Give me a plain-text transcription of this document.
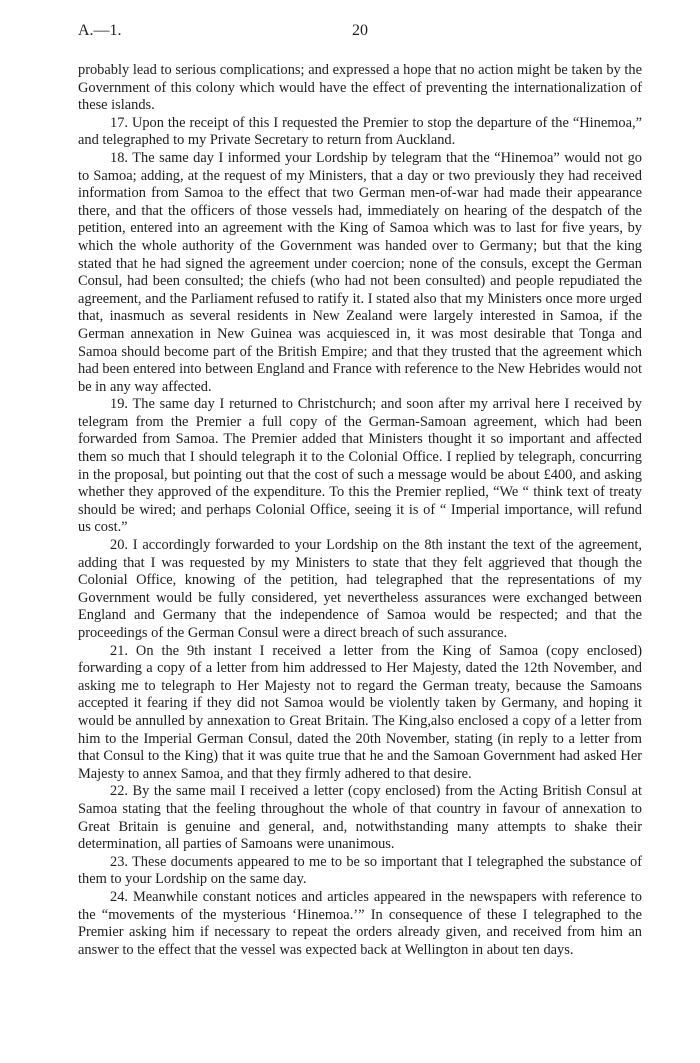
A.—1.	20

probably lead to serious complications; and expressed a hope that no action might be taken by the Government of this colony which would have the effect of preventing the internationalization of these islands.

17. Upon the receipt of this I requested the Premier to stop the departure of the “Hinemoa,” and telegraphed to my Private Secretary to return from Auckland.

18. The same day I informed your Lordship by telegram that the “Hinemoa” would not go to Samoa; adding, at the request of my Ministers, that a day or two previously they had received information from Samoa to the effect that two German men-of-war had made their appearance there, and that the officers of those vessels had, immediately on hearing of the despatch of the petition, entered into an agreement with the King of Samoa which was to last for five years, by which the whole authority of the Government was handed over to Germany; but that the king stated that he had signed the agreement under coercion; none of the consuls, except the German Consul, had been consulted; the chiefs (who had not been consulted) and people repudiated the agreement, and the Parliament refused to ratify it. I stated also that my Ministers once more urged that, inasmuch as several residents in New Zealand were largely interested in Samoa, if the German annexation in New Guinea was acquiesced in, it was most desirable that Tonga and Samoa should become part of the British Empire; and that they trusted that the agreement which had been entered into between England and France with reference to the New Hebrides would not be in any way affected.

19. The same day I returned to Christchurch; and soon after my arrival here I received by telegram from the Premier a full copy of the German-Samoan agreement, which had been forwarded from Samoa. The Premier added that Ministers thought it so important and affected them so much that I should telegraph it to the Colonial Office. I replied by telegraph, concurring in the proposal, but pointing out that the cost of such a message would be about £400, and asking whether they approved of the expenditure. To this the Premier replied, “We “ think text of treaty should be wired; and perhaps Colonial Office, seeing it is of “ Imperial importance, will refund us cost.”

20. I accordingly forwarded to your Lordship on the 8th instant the text of the agreement, adding that I was requested by my Ministers to state that they felt aggrieved that though the Colonial Office, knowing of the petition, had telegraphed that the representations of my Government would be fully considered, yet nevertheless assurances were exchanged between England and Germany that the independence of Samoa would be respected; and that the proceedings of the German Consul were a direct breach of such assurance.

21. On the 9th instant I received a letter from the King of Samoa (copy enclosed) forwarding a copy of a letter from him addressed to Her Majesty, dated the 12th November, and asking me to telegraph to Her Majesty not to regard the German treaty, because the Samoans accepted it fearing if they did not Samoa would be violently taken by Germany, and hoping it would be annulled by annexation to Great Britain. The King,also enclosed a copy of a letter from him to the Imperial German Consul, dated the 20th November, stating (in reply to a letter from that Consul to the King) that it was quite true that he and the Samoan Government had asked Her Majesty to annex Samoa, and that they firmly adhered to that desire.

22. By the same mail I received a letter (copy enclosed) from the Acting British Consul at Samoa stating that the feeling throughout the whole of that country in favour of annexation to Great Britain is genuine and general, and, notwithstanding many attempts to shake their determination, all parties of Samoans were unanimous.

23. These documents appeared to me to be so important that I telegraphed the substance of them to your Lordship on the same day.

24. Meanwhile constant notices and articles appeared in the newspapers with reference to the “movements of the mysterious ‘Hinemoa.’” In consequence of these I telegraphed to the Premier asking him if necessary to repeat the orders already given, and received from him an answer to the effect that the vessel was expected back at Wellington in about ten days.
